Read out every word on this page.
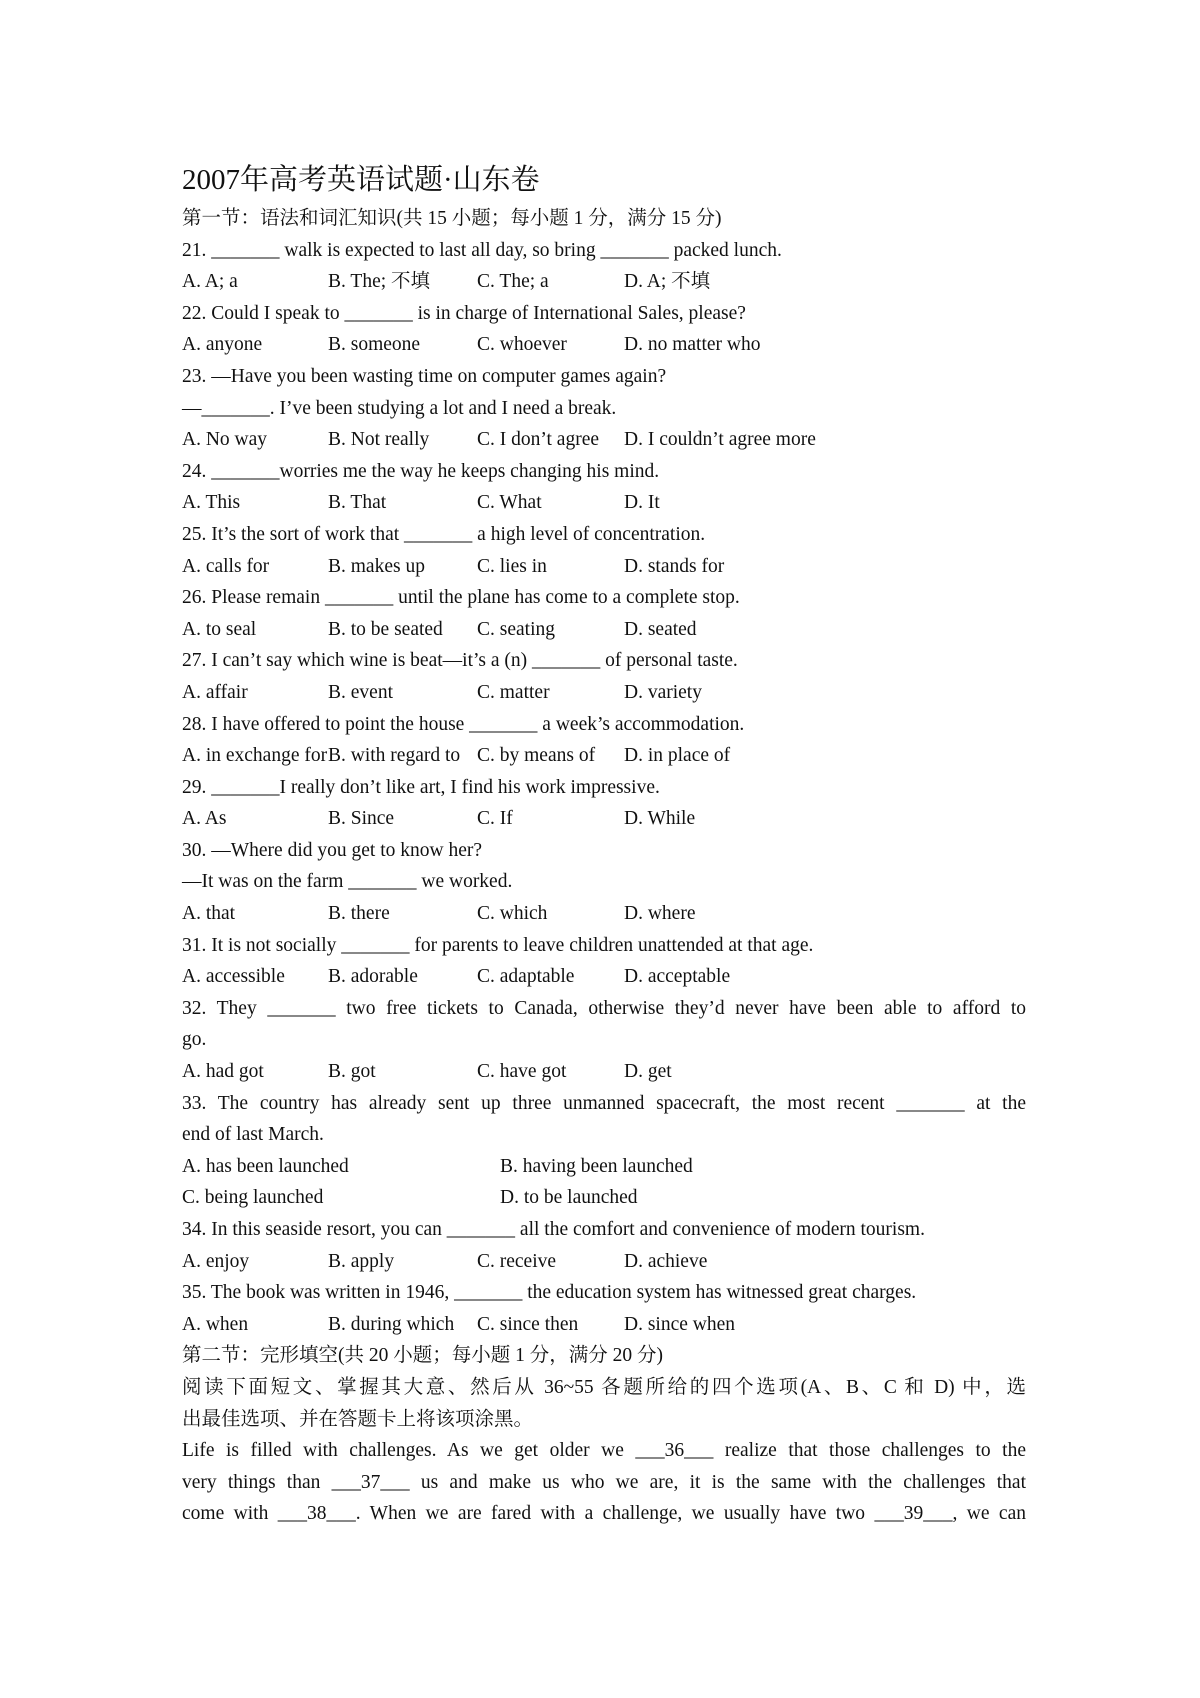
2007年高考英语试题·山东卷
第一节：语法和词汇知识(共 15 小题；每小题 1 分，满分 15 分)
21. _______ walk is expected to last all day, so bring _______ packed lunch.
A. A; a	B. The; 不填 C. The; a	D. A; 不填
22. Could I speak to _______ is in charge of International Sales, please?
A. anyone	B. someone	C. whoever	D. no matter who
23. —Have you been wasting time on computer games again?
—_______. I’ve been studying a lot and I need a break.
A. No way	B. Not really C. I don’t agree D. I couldn’t agree more
24. _______worries me the way he keeps changing his mind.
A. This	B. That	C. What	D. It
25. It’s the sort of work that _______ a high level of concentration.
A. calls for	B. makes up	C. lies in	D. stands for
26. Please remain _______ until the plane has come to a complete stop.
A. to seal	B. to be seated C. seating	D. seated
27. I can’t say which wine is beat—it’s a (n) _______ of personal taste.
A. affair	B. event	C. matter	D. variety
28. I have offered to point the house _______ a week’s accommodation.
A. in exchange for B. with regard to C. by means of D. in place of
29. _______I really don’t like art, I find his work impressive.
A. As	B. Since	C. If	D. While
30. —Where did you get to know her?
—It was on the farm _______ we worked.
A. that	B. there	C. which	D. where
31. It is not socially _______ for parents to leave children unattended at that age.
A. accessible B. adorable	C. adaptable	D. acceptable
32. They _______ two free tickets to Canada, otherwise they’d never have been able to afford to
go.
A. had got	B. got	C. have got	D. get
33. The country has already sent up three unmanned spacecraft, the most recent _______ at the
end of last March.
A. has been launched	B. having been launched
C. being launched	D. to be launched
34. In this seaside resort, you can _______ all the comfort and convenience of modern tourism.
A. enjoy	B. apply	C. receive	D. achieve
35. The book was written in 1946, _______ the education system has witnessed great charges.
A. when	B. during which C. since then D. since when
第二节：完形填空(共 20 小题；每小题 1 分，满分 20 分)
阅读下面短文、掌握其大意、然后从 36~55 各题所给的四个选项(A、B、C 和 D) 中，选
出最佳选项、并在答题卡上将该项涂黑。
Life is filled with challenges. As we get older we ___36___ realize that those challenges to the
very things than ___37___ us and make us who we are, it is the same with the challenges that
come with ___38___. When we are fared with a challenge, we usually have two ___39___, we can
